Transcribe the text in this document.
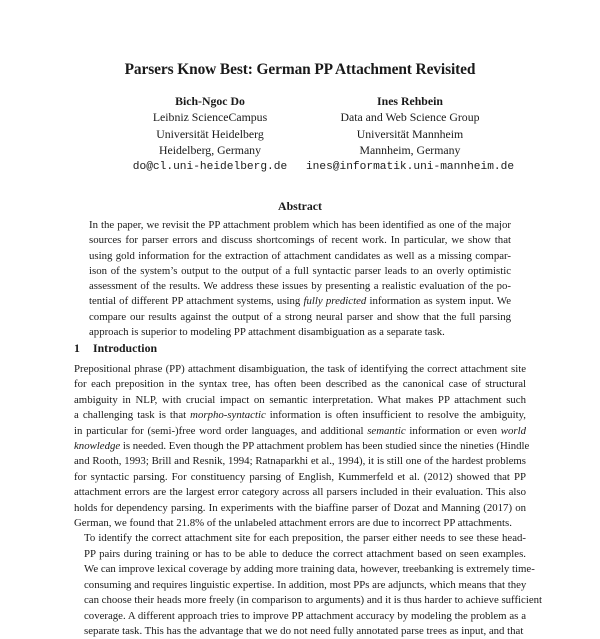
Parsers Know Best: German PP Attachment Revisited
Bich-Ngoc Do
Leibniz ScienceCampus
Universität Heidelberg
Heidelberg, Germany
do@cl.uni-heidelberg.de
Ines Rehbein
Data and Web Science Group
Universität Mannheim
Mannheim, Germany
ines@informatik.uni-mannheim.de
Abstract
In the paper, we revisit the PP attachment problem which has been identified as one of the major
sources for parser errors and discuss shortcomings of recent work. In particular, we show that
using gold information for the extraction of attachment candidates as well as a missing compar-
ison of the system’s output to the output of a full syntactic parser leads to an overly optimistic
assessment of the results. We address these issues by presenting a realistic evaluation of the po-
tential of different PP attachment systems, using fully predicted information as system input. We
compare our results against the output of a strong neural parser and show that the full parsing
approach is superior to modeling PP attachment disambiguation as a separate task.
1 Introduction

Prepositional phrase (PP) attachment disambiguation, the task of identifying the correct attachment site
for each preposition in the syntax tree, has often been described as the canonical case of structural
ambiguity in NLP, with crucial impact on semantic interpretation. What makes PP attachment such
a challenging task is that morpho-syntactic information is often insufficient to resolve the ambiguity,
in particular for (semi-)free word order languages, and additional semantic information or even world
knowledge is needed. Even though the PP attachment problem has been studied since the nineties (Hindle
and Rooth, 1993; Brill and Resnik, 1994; Ratnaparkhi et al., 1994), it is still one of the hardest problems
for syntactic parsing. For constituency parsing of English, Kummerfeld et al. (2012) showed that PP
attachment errors are the largest error category across all parsers included in their evaluation. This also
holds for dependency parsing. In experiments with the biaffine parser of Dozat and Manning (2017) on
German, we found that 21.8% of the unlabeled attachment errors are due to incorrect PP attachments.

To identify the correct attachment site for each preposition, the parser either needs to see these head-
PP pairs during training or has to be able to deduce the correct attachment based on seen examples.
We can improve lexical coverage by adding more training data, however, treebanking is extremely time-
consuming and requires linguistic expertise. In addition, most PPs are adjuncts, which means that they
can choose their heads more freely (in comparison to arguments) and it is thus harder to achieve sufficient
coverage. A different approach tries to improve PP attachment accuracy by modeling the problem as a
separate task. This has the advantage that we do not need fully annotated parse trees as input, and that
